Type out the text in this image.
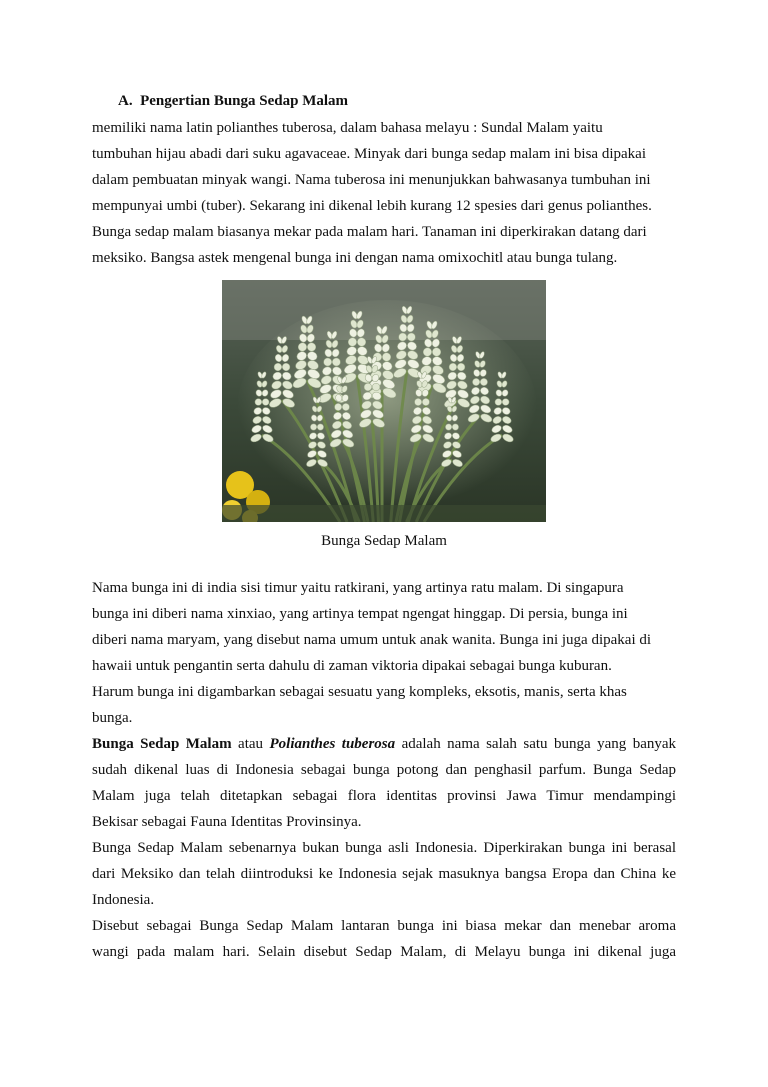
A. Pengertian Bunga Sedap Malam
memiliki nama latin polianthes tuberosa, dalam bahasa melayu : Sundal Malam yaitu
tumbuhan hijau abadi dari suku agavaceae. Minyak dari bunga sedap malam ini bisa dipakai
dalam pembuatan minyak wangi. Nama tuberosa ini menunjukkan bahwasanya tumbuhan ini
mempunyai umbi (tuber). Sekarang ini dikenal lebih kurang 12 spesies dari genus polianthes.
Bunga sedap malam biasanya mekar pada malam hari. Tanaman ini diperkirakan datang dari
meksiko. Bangsa astek mengenal bunga ini dengan nama omixochitl atau bunga tulang.
Bunga Sedap Malam
Nama bunga ini di india sisi timur yaitu ratkirani, yang artinya ratu malam. Di singapura
bunga ini diberi nama xinxiao, yang artinya tempat ngengat hinggap. Di persia, bunga ini
diberi nama maryam, yang disebut nama umum untuk anak wanita. Bunga ini juga dipakai di
hawaii untuk pengantin serta dahulu di zaman viktoria dipakai sebagai bunga kuburan.
Harum bunga ini digambarkan sebagai sesuatu yang kompleks, eksotis, manis, serta khas
bunga.
Bunga Sedap Malam atau Polianthes tuberosa adalah nama salah satu bunga yang banyak
sudah dikenal luas di Indonesia sebagai bunga potong dan penghasil parfum. Bunga Sedap
Malam juga telah ditetapkan sebagai flora identitas provinsi Jawa Timur mendampingi
Bekisar sebagai Fauna Identitas Provinsinya.
Bunga Sedap Malam sebenarnya bukan bunga asli Indonesia. Diperkirakan bunga ini berasal
dari Meksiko dan telah diintroduksi ke Indonesia sejak masuknya bangsa Eropa dan China ke
Indonesia.
Disebut sebagai Bunga Sedap Malam lantaran bunga ini biasa mekar dan menebar aroma
wangi pada malam hari. Selain disebut Sedap Malam, di Melayu bunga ini dikenal juga
